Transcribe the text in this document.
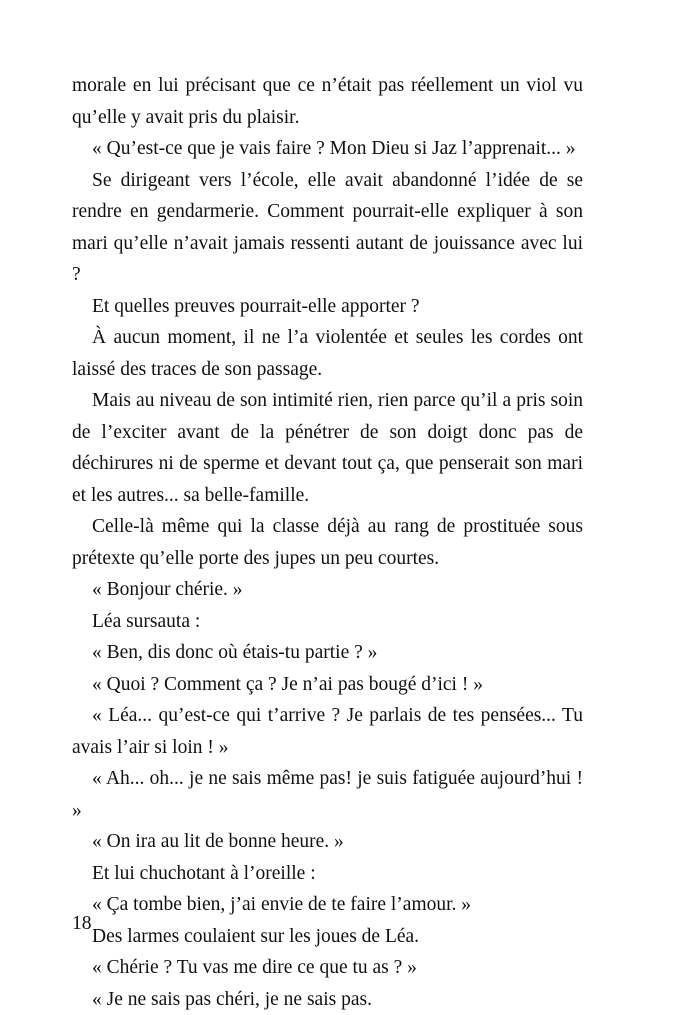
morale en lui précisant que ce n’était pas réellement un viol vu qu’elle y avait pris du plaisir.

« Qu’est-ce que je vais faire ? Mon Dieu si Jaz l’apprenait... »

Se dirigeant vers l’école, elle avait abandonné l’idée de se rendre en gendarmerie. Comment pourrait-elle expliquer à son mari qu’elle n’avait jamais ressenti autant de jouissance avec lui ?

Et quelles preuves pourrait-elle apporter ?

À aucun moment, il ne l’a violentée et seules les cordes ont laissé des traces de son passage.

Mais au niveau de son intimité rien, rien parce qu’il a pris soin de l’exciter avant de la pénétrer de son doigt donc pas de déchirures ni de sperme et devant tout ça, que penserait son mari et les autres... sa belle-famille.

Celle-là même qui la classe déjà au rang de prostituée sous prétexte qu’elle porte des jupes un peu courtes.

« Bonjour chérie. »

Léa sursauta :

« Ben, dis donc où étais-tu partie ? »

« Quoi ? Comment ça ? Je n’ai pas bougé d’ici ! »

« Léa... qu’est-ce qui t’arrive ? Je parlais de tes pensées... Tu avais l’air si loin ! »

« Ah... oh... je ne sais même pas! je suis fatiguée aujourd’hui ! »

« On ira au lit de bonne heure. »

Et lui chuchotant à l’oreille :

« Ça tombe bien, j’ai envie de te faire l’amour. »

Des larmes coulaient sur les joues de Léa.

« Chérie ? Tu vas me dire ce que tu as ? »

« Je ne sais pas chéri, je ne sais pas.

18
